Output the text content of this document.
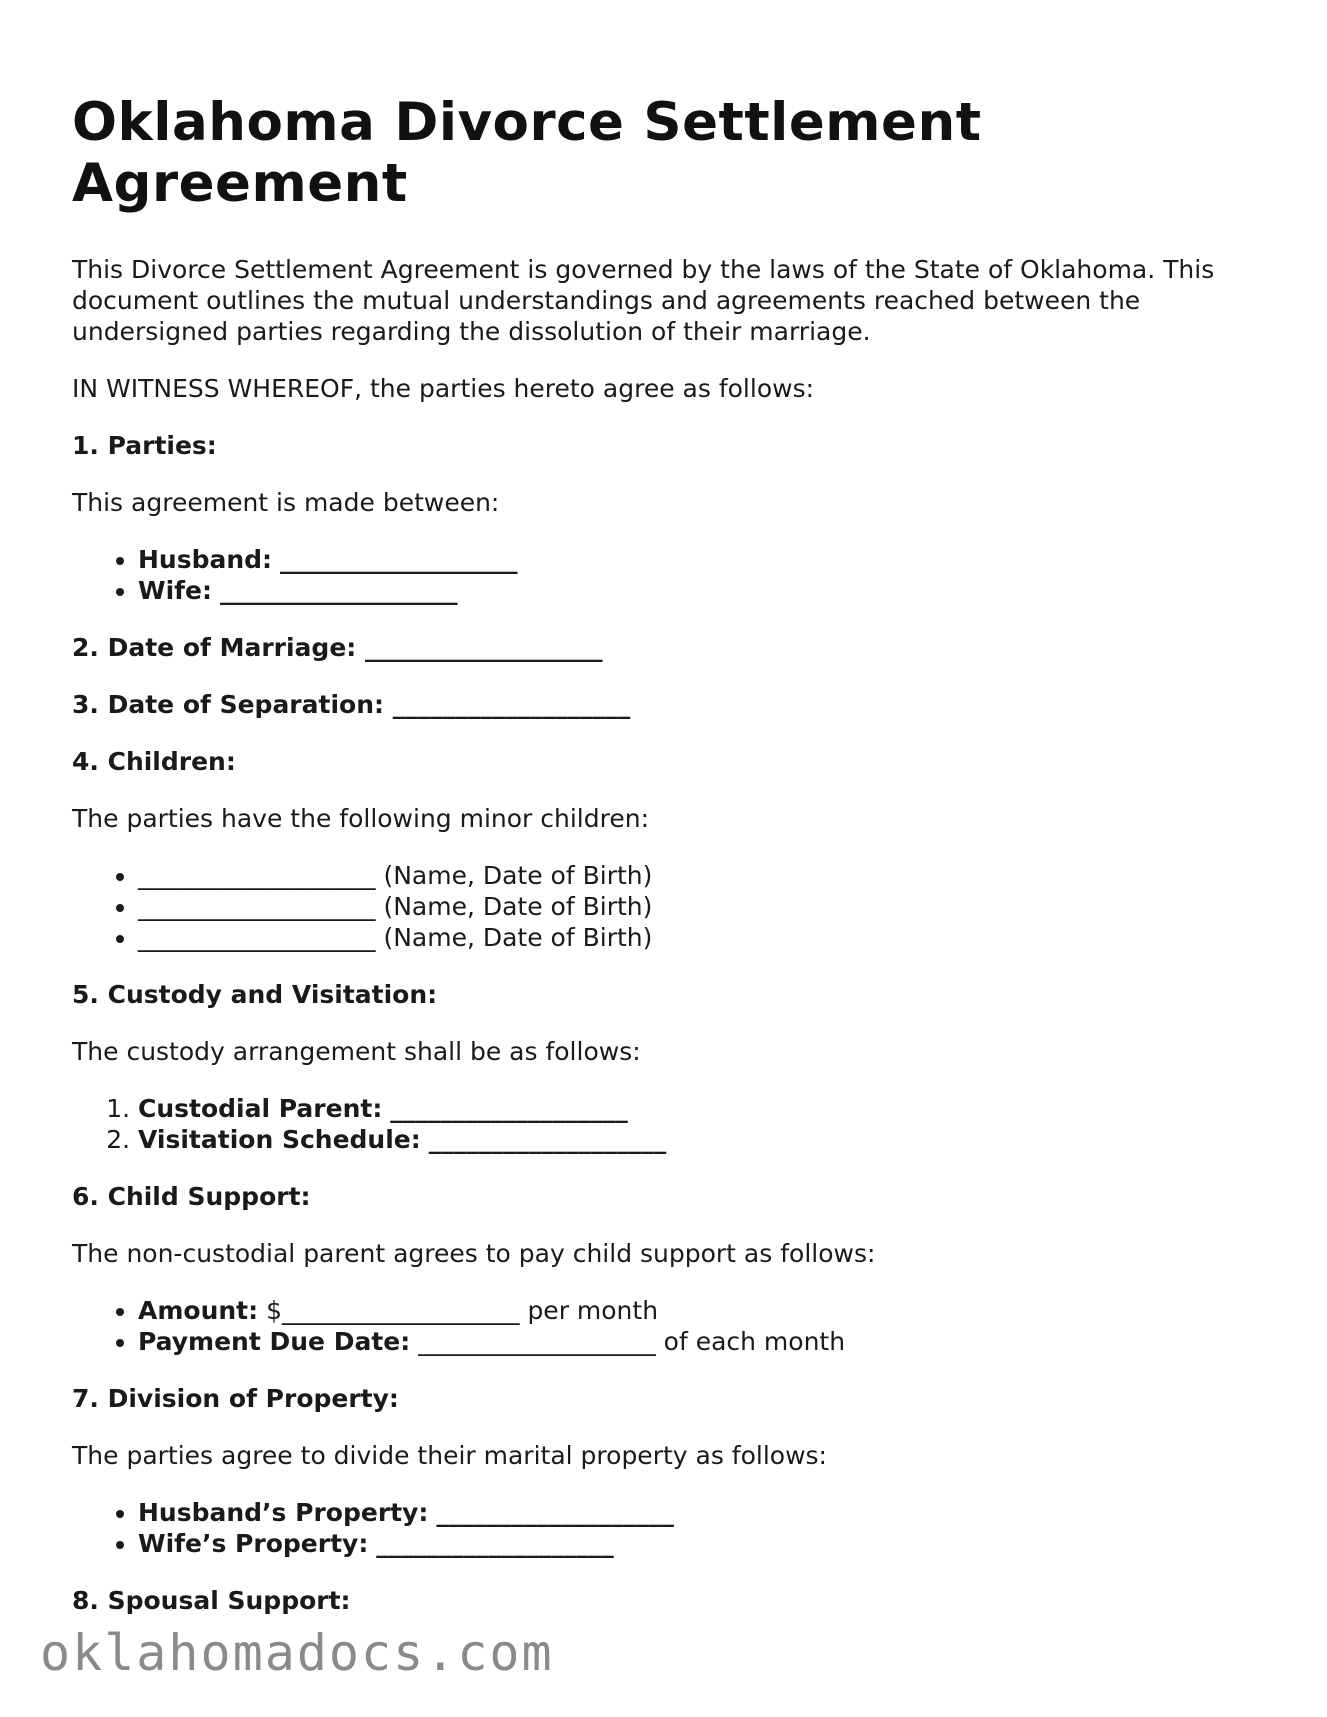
Oklahoma Divorce Settlement Agreement

This Divorce Settlement Agreement is governed by the laws of the State of Oklahoma. This document outlines the mutual understandings and agreements reached between the undersigned parties regarding the dissolution of their marriage.

IN WITNESS WHEREOF, the parties hereto agree as follows:

1. Parties:

This agreement is made between:

• Husband: ___________________
• Wife: ___________________
2. Date of Marriage: ___________________
3. Date of Separation: ___________________
4. Children:

The parties have the following minor children:

• ___________________ (Name, Date of Birth)
• ___________________ (Name, Date of Birth)
• ___________________ (Name, Date of Birth)
5. Custody and Visitation:

The custody arrangement shall be as follows:

1. Custodial Parent: ___________________
2. Visitation Schedule: ___________________
6. Child Support:

The non-custodial parent agrees to pay child support as follows:

• Amount: $___________________ per month
• Payment Due Date: ___________________ of each month
7. Division of Property:

The parties agree to divide their marital property as follows:

• Husband’s Property: ___________________
• Wife’s Property: ___________________
8. Spousal Support:
oklahomadocs.com
